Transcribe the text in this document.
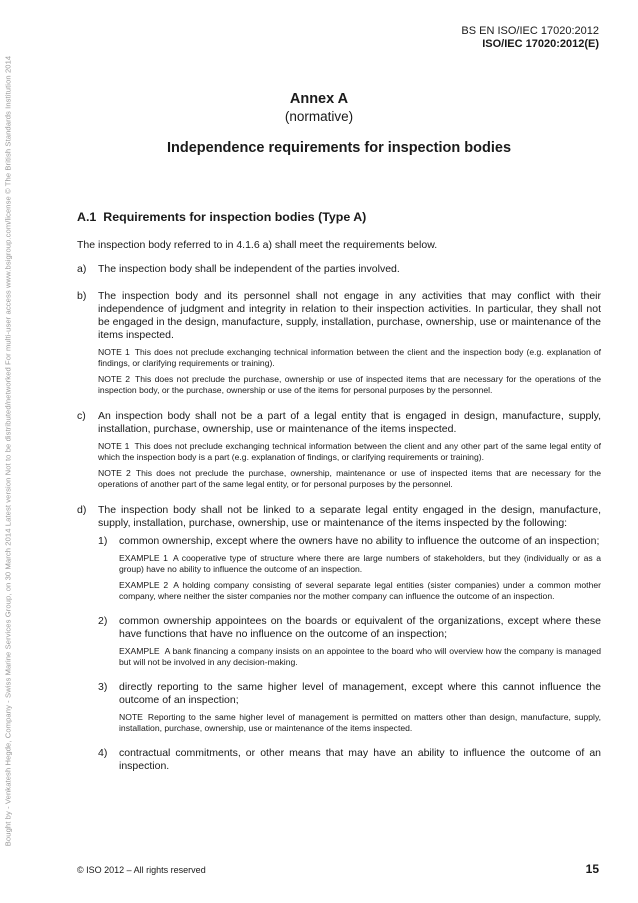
Bought by - Venkatesh Hegde, Company - Swiss Marine Services Group, on 30 March 2014 Latest version Not to be distributed/networked For multi-user access www.bsigroup.com/license © The British Standards Institution 2014
BS EN ISO/IEC 17020:2012
ISO/IEC 17020:2012(E)
Annex A
(normative)
Independence requirements for inspection bodies
A.1 Requirements for inspection bodies (Type A)
The inspection body referred to in 4.1.6 a) shall meet the requirements below.
a)	The inspection body shall be independent of the parties involved.
b)	The inspection body and its personnel shall not engage in any activities that may conflict with their independence of judgment and integrity in relation to their inspection activities. In particular, they shall not be engaged in the design, manufacture, supply, installation, purchase, ownership, use or maintenance of the items inspected.
NOTE 1 This does not preclude exchanging technical information between the client and the inspection body (e.g. explanation of findings, or clarifying requirements or training).
NOTE 2 This does not preclude the purchase, ownership or use of inspected items that are necessary for the operations of the inspection body, or the purchase, ownership or use of the items for personal purposes by the personnel.
c)	An inspection body shall not be a part of a legal entity that is engaged in design, manufacture, supply, installation, purchase, ownership, use or maintenance of the items inspected.
NOTE 1 This does not preclude exchanging technical information between the client and any other part of the same legal entity of which the inspection body is a part (e.g. explanation of findings, or clarifying requirements or training).
NOTE 2 This does not preclude the purchase, ownership, maintenance or use of inspected items that are necessary for the operations of another part of the same legal entity, or for personal purposes by the personnel.
d)	The inspection body shall not be linked to a separate legal entity engaged in the design, manufacture, supply, installation, purchase, ownership, use or maintenance of the items inspected by the following:
1)	common ownership, except where the owners have no ability to influence the outcome of an inspection;
EXAMPLE 1 A cooperative type of structure where there are large numbers of stakeholders, but they (individually or as a group) have no ability to influence the outcome of an inspection.
EXAMPLE 2 A holding company consisting of several separate legal entities (sister companies) under a common mother company, where neither the sister companies nor the mother company can influence the outcome of an inspection.
2)	common ownership appointees on the boards or equivalent of the organizations, except where these have functions that have no influence on the outcome of an inspection;
EXAMPLE A bank financing a company insists on an appointee to the board who will overview how the company is managed but will not be involved in any decision-making.
3)	directly reporting to the same higher level of management, except where this cannot influence the outcome of an inspection;
NOTE Reporting to the same higher level of management is permitted on matters other than design, manufacture, supply, installation, purchase, ownership, use or maintenance of the items inspected.
4)	contractual commitments, or other means that may have an ability to influence the outcome of an inspection.
© ISO 2012 – All rights reserved	15
